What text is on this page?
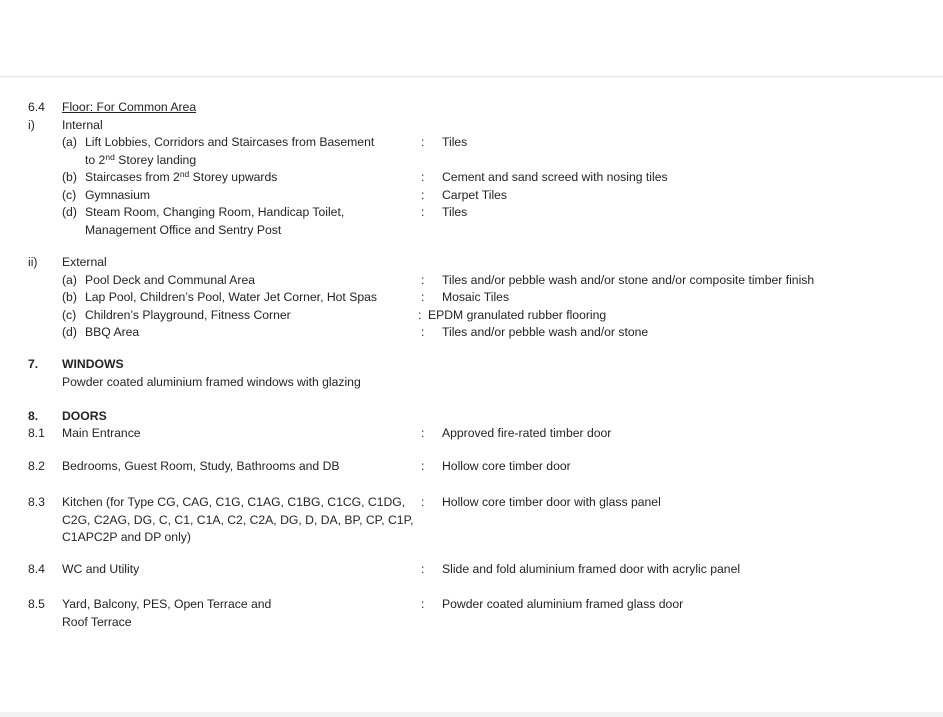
6.4 Floor: For Common Area
i) Internal
(a) Lift Lobbies, Corridors and Staircases from Basement	: Tiles
to 2nd Storey landing
(b) Staircases from 2nd Storey upwards	: Cement and sand screed with nosing tiles
(c) Gymnasium	: Carpet Tiles
(d) Steam Room, Changing Room, Handicap Toilet,	: Tiles
Management Office and Sentry Post
ii) External
(a) Pool Deck and Communal Area	: Tiles and/or pebble wash and/or stone and/or composite timber finish
(b) Lap Pool, Children’s Pool, Water Jet Corner, Hot Spas	: Mosaic Tiles
(c) Children’s Playground, Fitness Corner	: EPDM granulated rubber flooring
(d) BBQ Area	: Tiles and/or pebble wash and/or stone
7. WINDOWS
Powder coated aluminium framed windows with glazing
8. DOORS
8.1 Main Entrance	: Approved fire-rated timber door
8.2 Bedrooms, Guest Room, Study, Bathrooms and DB	: Hollow core timber door
8.3 Kitchen (for Type CG, CAG, C1G, C1AG, C1BG, C1CG, C1DG, : Hollow core timber door with glass panel
C2G, C2AG, DG, C, C1, C1A, C2, C2A, DG, D, DA, BP, CP, C1P,
C1APC2P and DP only)
8.4 WC and Utility	: Slide and fold aluminium framed door with acrylic panel
8.5 Yard, Balcony, PES, Open Terrace and	: Powder coated aluminium framed glass door
Roof Terrace
